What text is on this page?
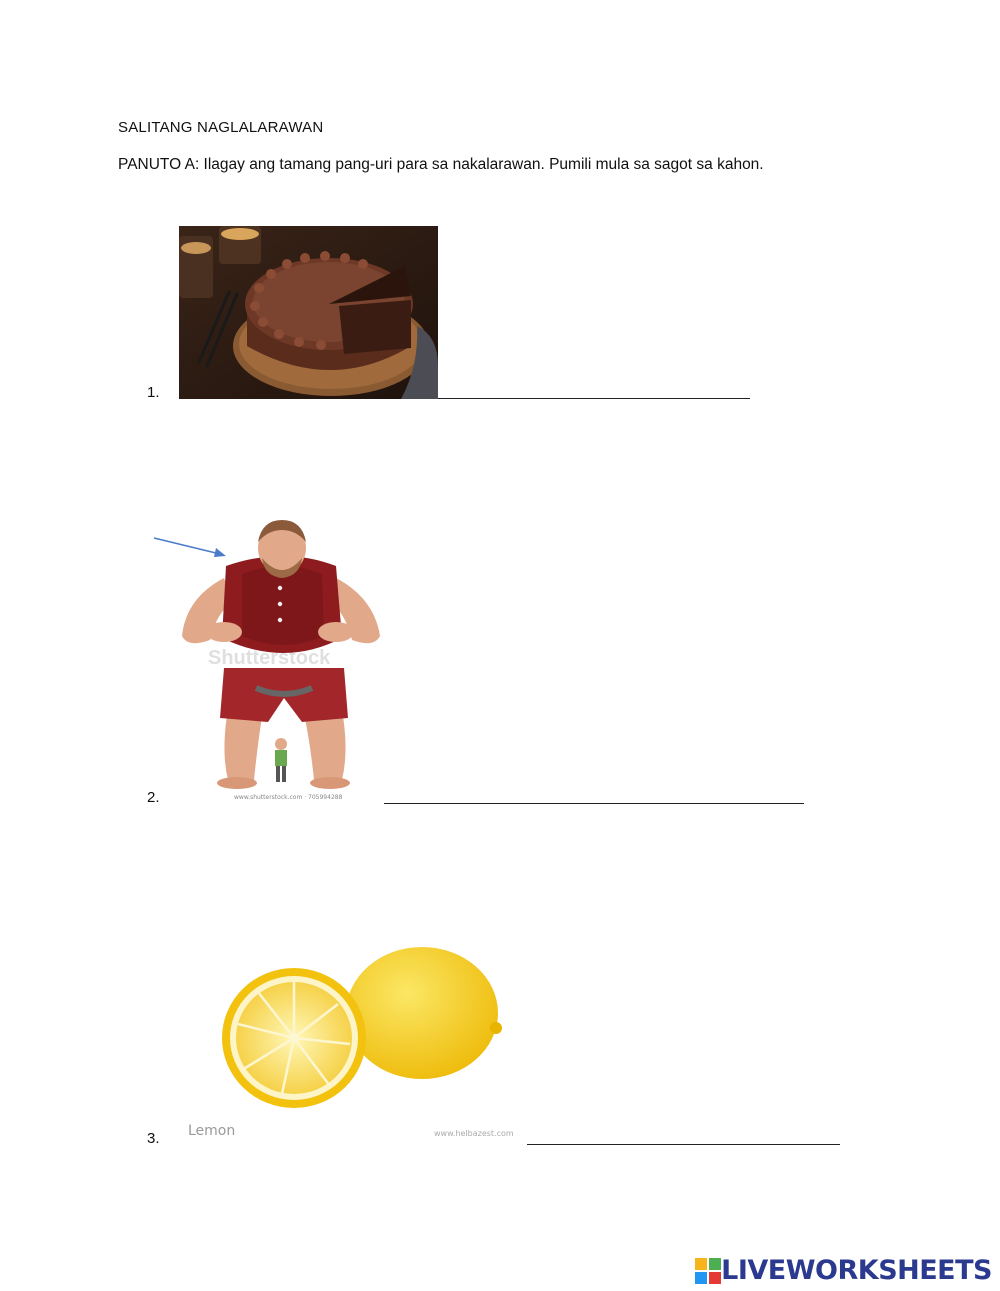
SALITANG NAGLALARAWAN
PANUTO A: Ilagay ang tamang pang-uri para sa nakalarawan. Pumili mula sa sagot sa kahon.
1.
2.
Shutterstock
www.shutterstock.com · 705994288
3. Lemon	www.helbazest.com
LIVEWORKSHEETS
